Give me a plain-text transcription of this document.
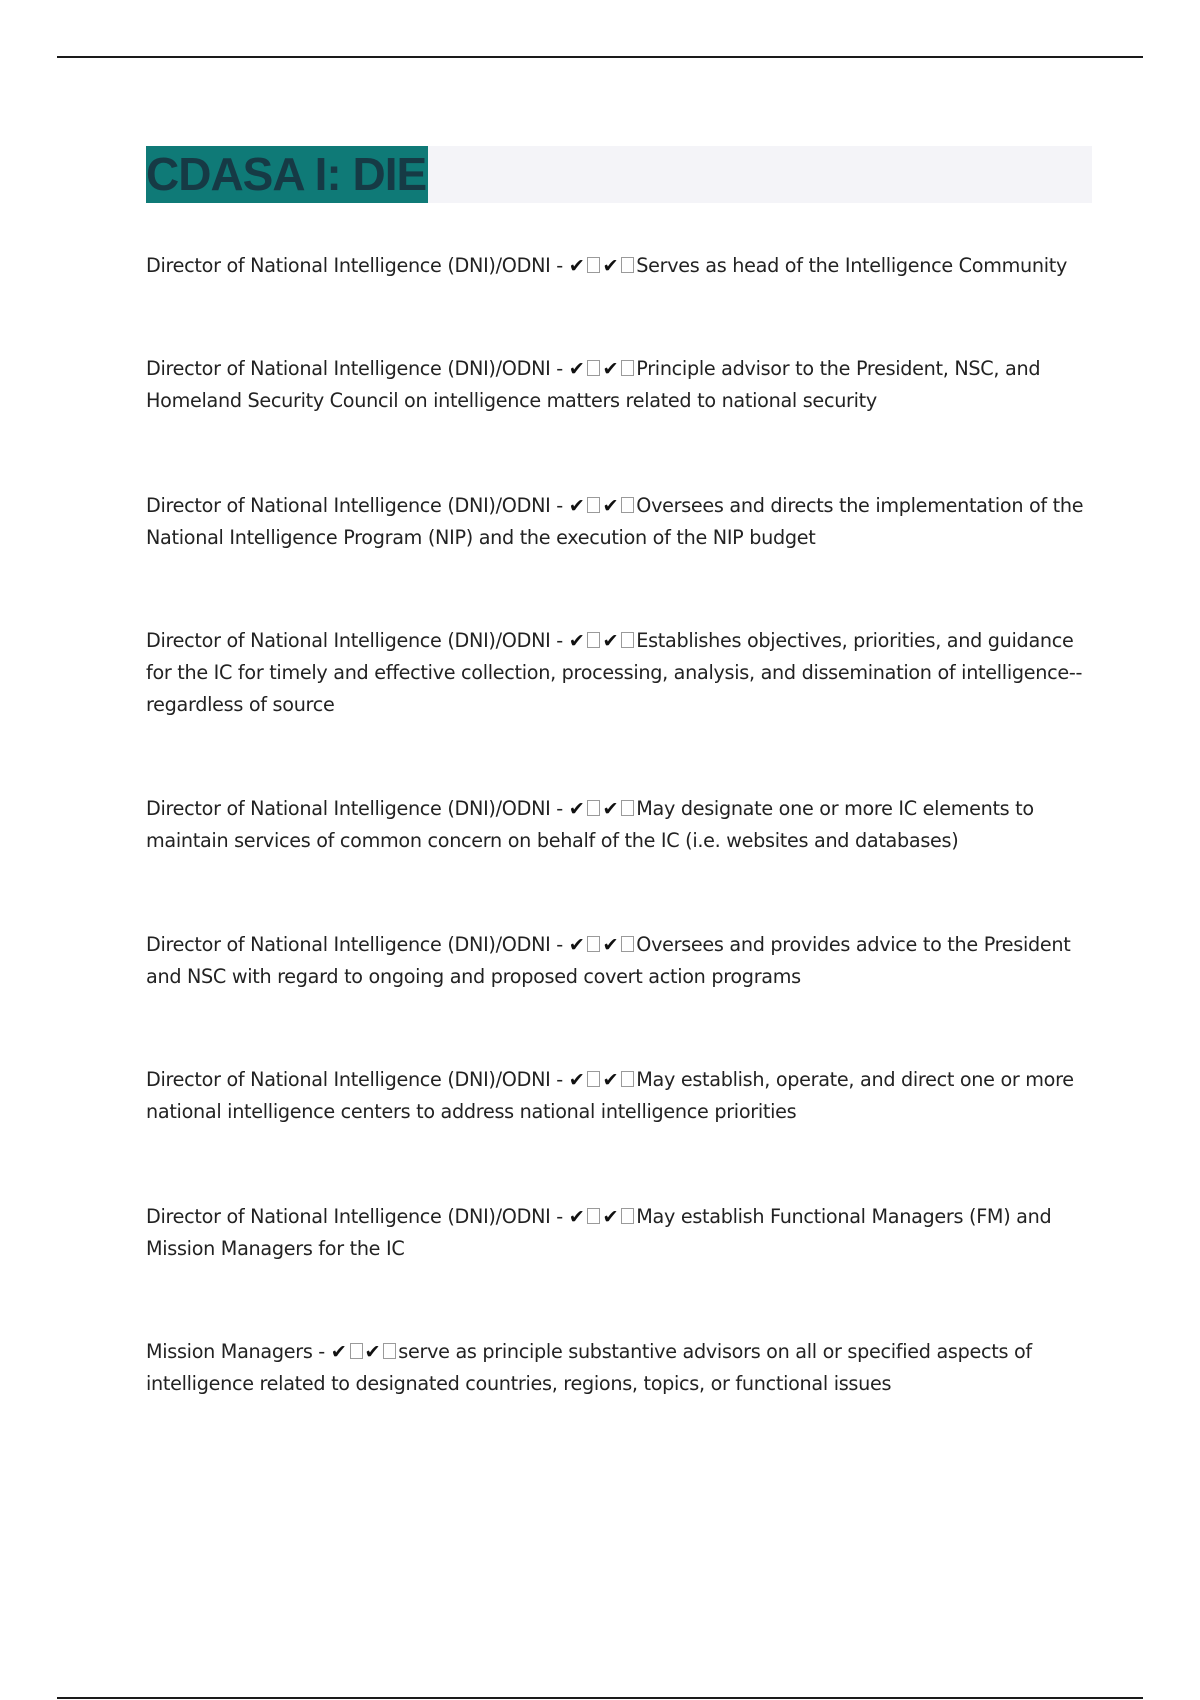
CDASA I: DIE
Director of National Intelligence (DNI)/ODNI - ✔ ✔ Serves as head of the Intelligence Community
Director of National Intelligence (DNI)/ODNI - ✔ ✔ Principle advisor to the President, NSC, and Homeland Security Council on intelligence matters related to national security
Director of National Intelligence (DNI)/ODNI - ✔ ✔ Oversees and directs the implementation of the National Intelligence Program (NIP) and the execution of the NIP budget
Director of National Intelligence (DNI)/ODNI - ✔ ✔ Establishes objectives, priorities, and guidance for the IC for timely and effective collection, processing, analysis, and dissemination of intelligence--regardless of source
Director of National Intelligence (DNI)/ODNI - ✔ ✔ May designate one or more IC elements to maintain services of common concern on behalf of the IC (i.e. websites and databases)
Director of National Intelligence (DNI)/ODNI - ✔ ✔ Oversees and provides advice to the President and NSC with regard to ongoing and proposed covert action programs
Director of National Intelligence (DNI)/ODNI - ✔ ✔ May establish, operate, and direct one or more national intelligence centers to address national intelligence priorities
Director of National Intelligence (DNI)/ODNI - ✔ ✔ May establish Functional Managers (FM) and Mission Managers for the IC
Mission Managers - ✔ ✔ serve as principle substantive advisors on all or specified aspects of intelligence related to designated countries, regions, topics, or functional issues
